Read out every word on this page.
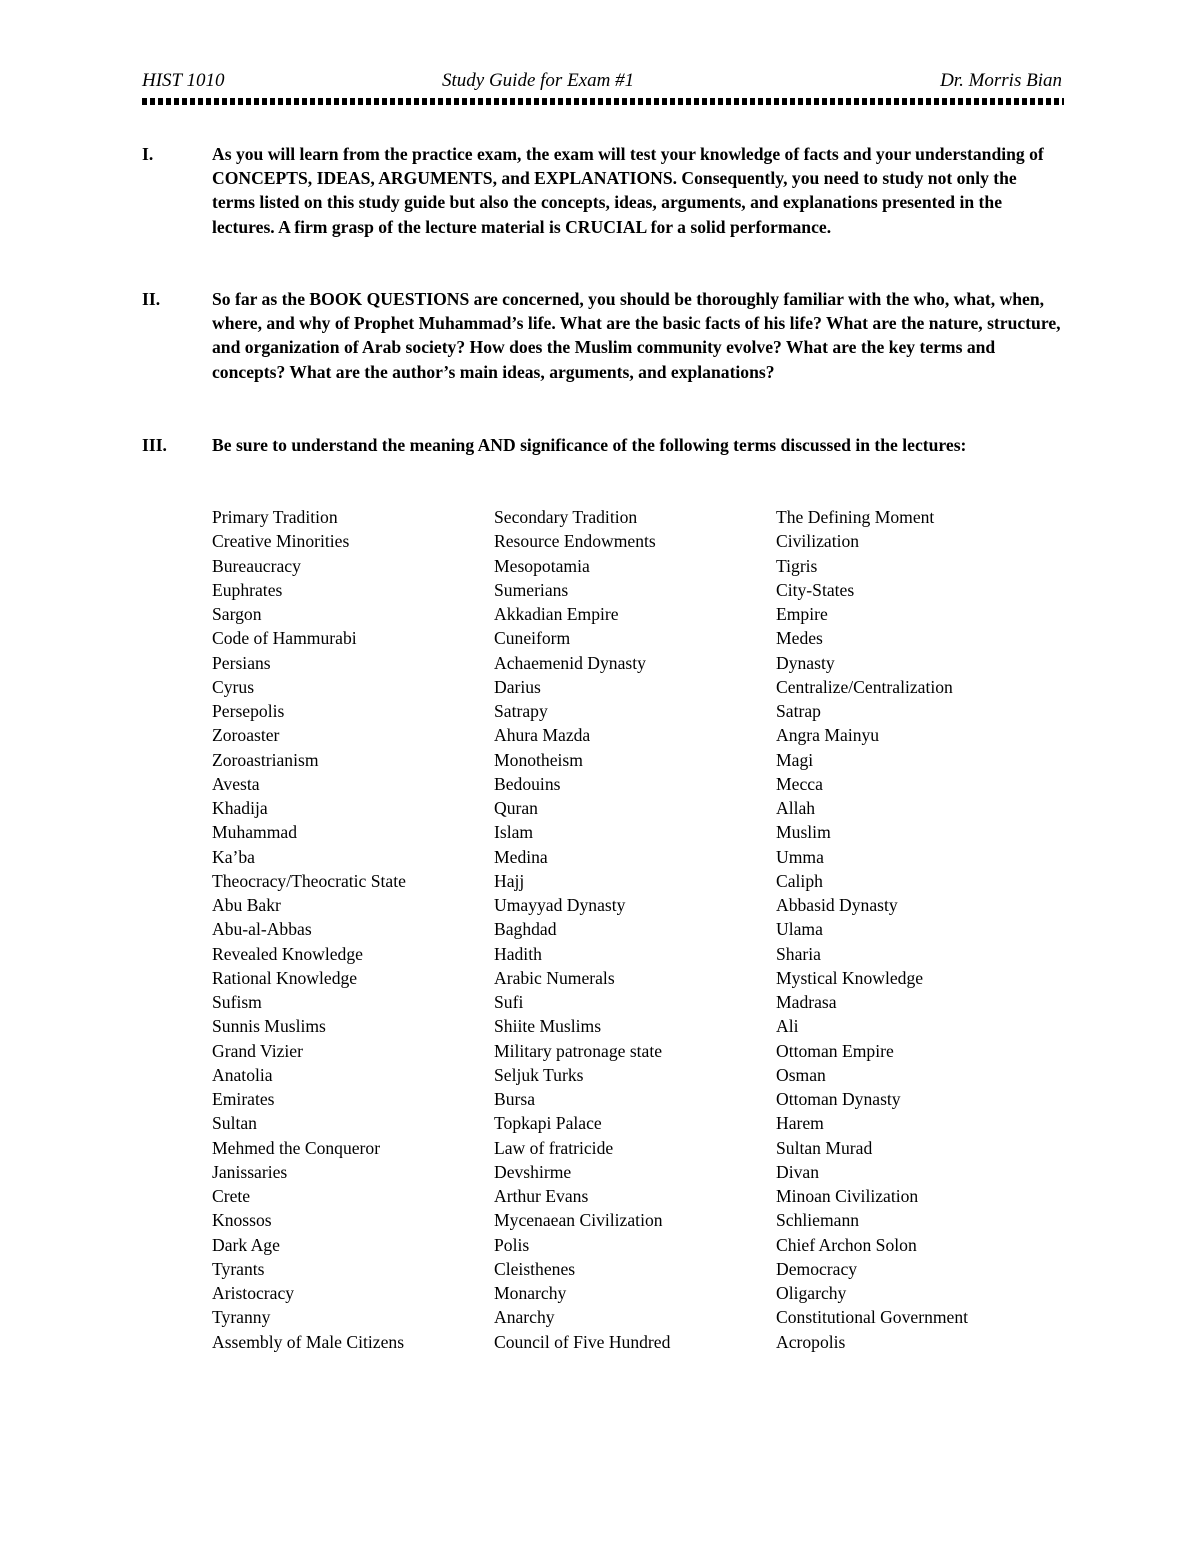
HIST 1010	Study Guide for Exam #1	Dr. Morris Bian
I.	As you will learn from the practice exam, the exam will test your knowledge of facts and your understanding of CONCEPTS, IDEAS, ARGUMENTS, and EXPLANATIONS. Consequently, you need to study not only the terms listed on this study guide but also the concepts, ideas, arguments, and explanations presented in the lectures. A firm grasp of the lecture material is CRUCIAL for a solid performance.
II.	So far as the BOOK QUESTIONS are concerned, you should be thoroughly familiar with the who, what, when, where, and why of Prophet Muhammad’s life. What are the basic facts of his life? What are the nature, structure, and organization of Arab society? How does the Muslim community evolve? What are the key terms and concepts? What are the author’s main ideas, arguments, and explanations?
III.	Be sure to understand the meaning AND significance of the following terms discussed in the lectures:
Primary Tradition	Secondary Tradition	The Defining Moment
Creative Minorities	Resource Endowments	Civilization
Bureaucracy	Mesopotamia	Tigris
Euphrates	Sumerians	City-States
Sargon	Akkadian Empire	Empire
Code of Hammurabi	Cuneiform	Medes
Persians	Achaemenid Dynasty	Dynasty
Cyrus	Darius	Centralize/Centralization
Persepolis	Satrapy	Satrap
Zoroaster	Ahura Mazda	Angra Mainyu
Zoroastrianism	Monotheism	Magi
Avesta	Bedouins	Mecca
Khadija	Quran	Allah
Muhammad	Islam	Muslim
Ka’ba	Medina	Umma
Theocracy/Theocratic State	Hajj	Caliph
Abu Bakr	Umayyad Dynasty	Abbasid Dynasty
Abu-al-Abbas	Baghdad	Ulama
Revealed Knowledge	Hadith	Sharia
Rational Knowledge	Arabic Numerals	Mystical Knowledge
Sufism	Sufi	Madrasa
Sunnis Muslims	Shiite Muslims	Ali
Grand Vizier	Military patronage state	Ottoman Empire
Anatolia	Seljuk Turks	Osman
Emirates	Bursa	Ottoman Dynasty
Sultan	Topkapi Palace	Harem
Mehmed the Conqueror	Law of fratricide	Sultan Murad
Janissaries	Devshirme	Divan
Crete	Arthur Evans	Minoan Civilization
Knossos	Mycenaean Civilization	Schliemann
Dark Age	Polis	Chief Archon Solon
Tyrants	Cleisthenes	Democracy
Aristocracy	Monarchy	Oligarchy
Tyranny	Anarchy	Constitutional Government
Assembly of Male Citizens	Council of Five Hundred	Acropolis
